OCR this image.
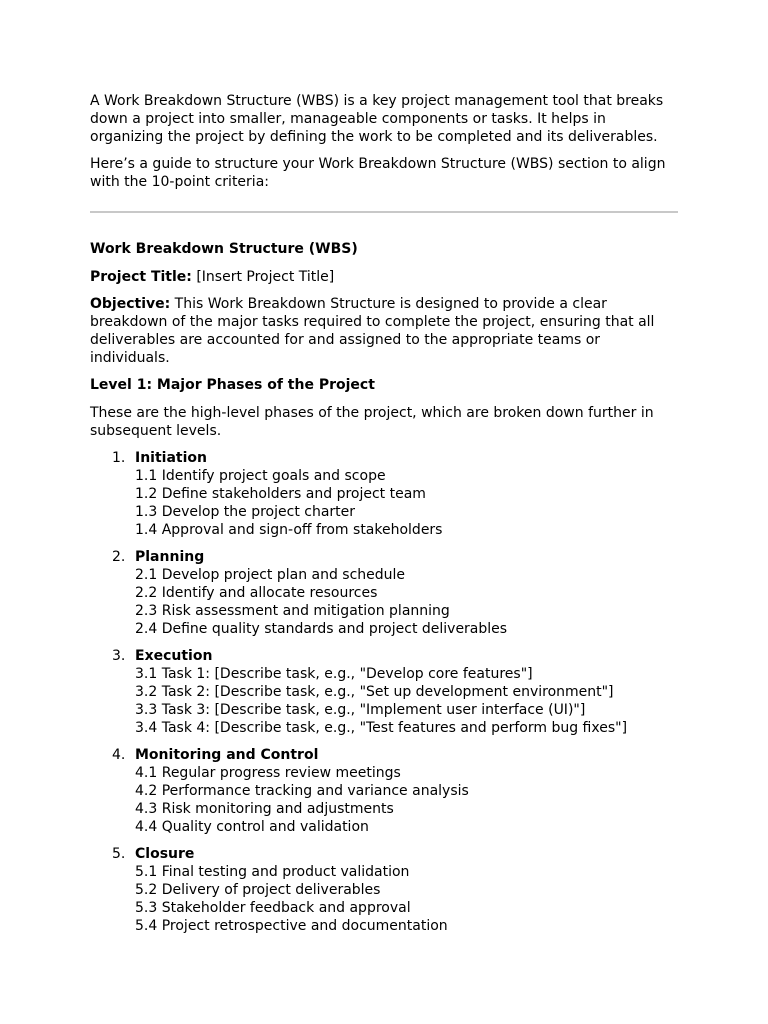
A Work Breakdown Structure (WBS) is a key project management tool that breaks down a project into smaller, manageable components or tasks. It helps in organizing the project by defining the work to be completed and its deliverables.

Here’s a guide to structure your Work Breakdown Structure (WBS) section to align with the 10-point criteria:

Work Breakdown Structure (WBS)

Project Title: [Insert Project Title]

Objective: This Work Breakdown Structure is designed to provide a clear breakdown of the major tasks required to complete the project, ensuring that all deliverables are accounted for and assigned to the appropriate teams or individuals.

Level 1: Major Phases of the Project

These are the high-level phases of the project, which are broken down further in subsequent levels.

1. Initiation
1.1 Identify project goals and scope
1.2 Define stakeholders and project team
1.3 Develop the project charter
1.4 Approval and sign-off from stakeholders
2. Planning
2.1 Develop project plan and schedule
2.2 Identify and allocate resources
2.3 Risk assessment and mitigation planning
2.4 Define quality standards and project deliverables
3. Execution
3.1 Task 1: [Describe task, e.g., "Develop core features"]
3.2 Task 2: [Describe task, e.g., "Set up development environment"]
3.3 Task 3: [Describe task, e.g., "Implement user interface (UI)"]
3.4 Task 4: [Describe task, e.g., "Test features and perform bug fixes"]
4. Monitoring and Control
4.1 Regular progress review meetings
4.2 Performance tracking and variance analysis
4.3 Risk monitoring and adjustments
4.4 Quality control and validation
5. Closure
5.1 Final testing and product validation
5.2 Delivery of project deliverables
5.3 Stakeholder feedback and approval
5.4 Project retrospective and documentation
